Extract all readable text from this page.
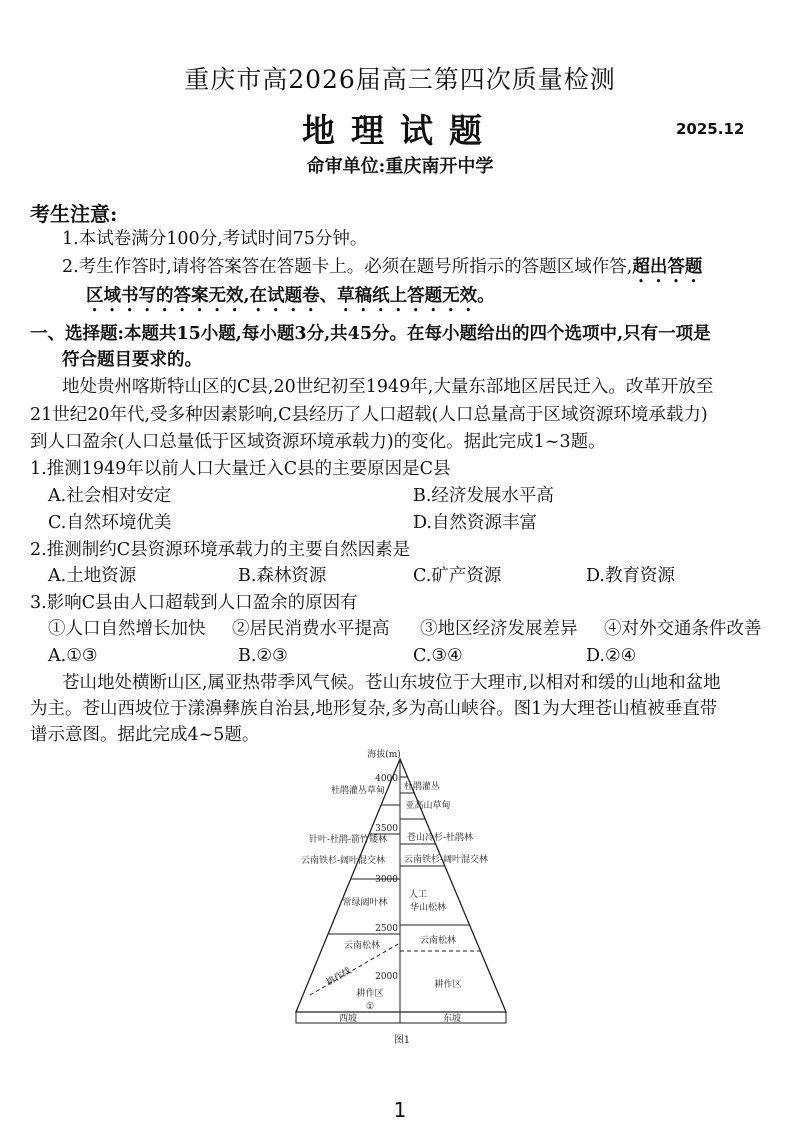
重庆市高2026届高三第四次质量检测
地理试题	2025.12
命审单位:重庆南开中学
考生注意:
1.本试卷满分100分,考试时间75分钟。
2.考生作答时,请将答案答在答题卡上。必须在题号所指示的答题区域作答,超出答题
区域书写的答案无效,在试题卷、草稿纸上答题无效。
一、选择题:本题共15小题,每小题3分,共45分。在每小题给出的四个选项中,只有一项是
符合题目要求的。
地处贵州喀斯特山区的C县,20世纪初至1949年,大量东部地区居民迁入。改革开放至
21世纪20年代,受多种因素影响,C县经历了人口超载(人口总量高于区域资源环境承载力)
到人口盈余(人口总量低于区域资源环境承载力)的变化。据此完成1~3题。
1.推测1949年以前人口大量迁入C县的主要原因是C县
A.社会相对安定	B.经济发展水平高
C.自然环境优美	D.自然资源丰富
2.推测制约C县资源环境承载力的主要自然因素是
A.土地资源	B.森林资源	C.矿产资源	D.教育资源
3.影响C县由人口超载到人口盈余的原因有
①人口自然增长加快 ②居民消费水平提高 ③地区经济发展差异 ④对外交通条件改善
A.①③	B.②③	C.③④	D.②④
苍山地处横断山区,属亚热带季风气候。苍山东坡位于大理市,以相对和缓的山地和盆地
为主。苍山西坡位于漾濞彝族自治县,地形复杂,多为高山峡谷。图1为大理苍山植被垂直带
谱示意图。据此完成4~5题。
海拔(m)
4000
3500
3000
2500
2000
杜鹃灌丛草甸
针叶-杜鹃-箭竹矮林
云南铁杉-阔叶混交林
常绿阔叶林
云南松林
耕作区
①
耕作线
杜鹃灌丛
亚高山草甸
苍山冷杉-杜鹃林
云南铁杉-阔叶混交林
人工
华山松林
云南松林
耕作区
西坡	东坡
图1
1
